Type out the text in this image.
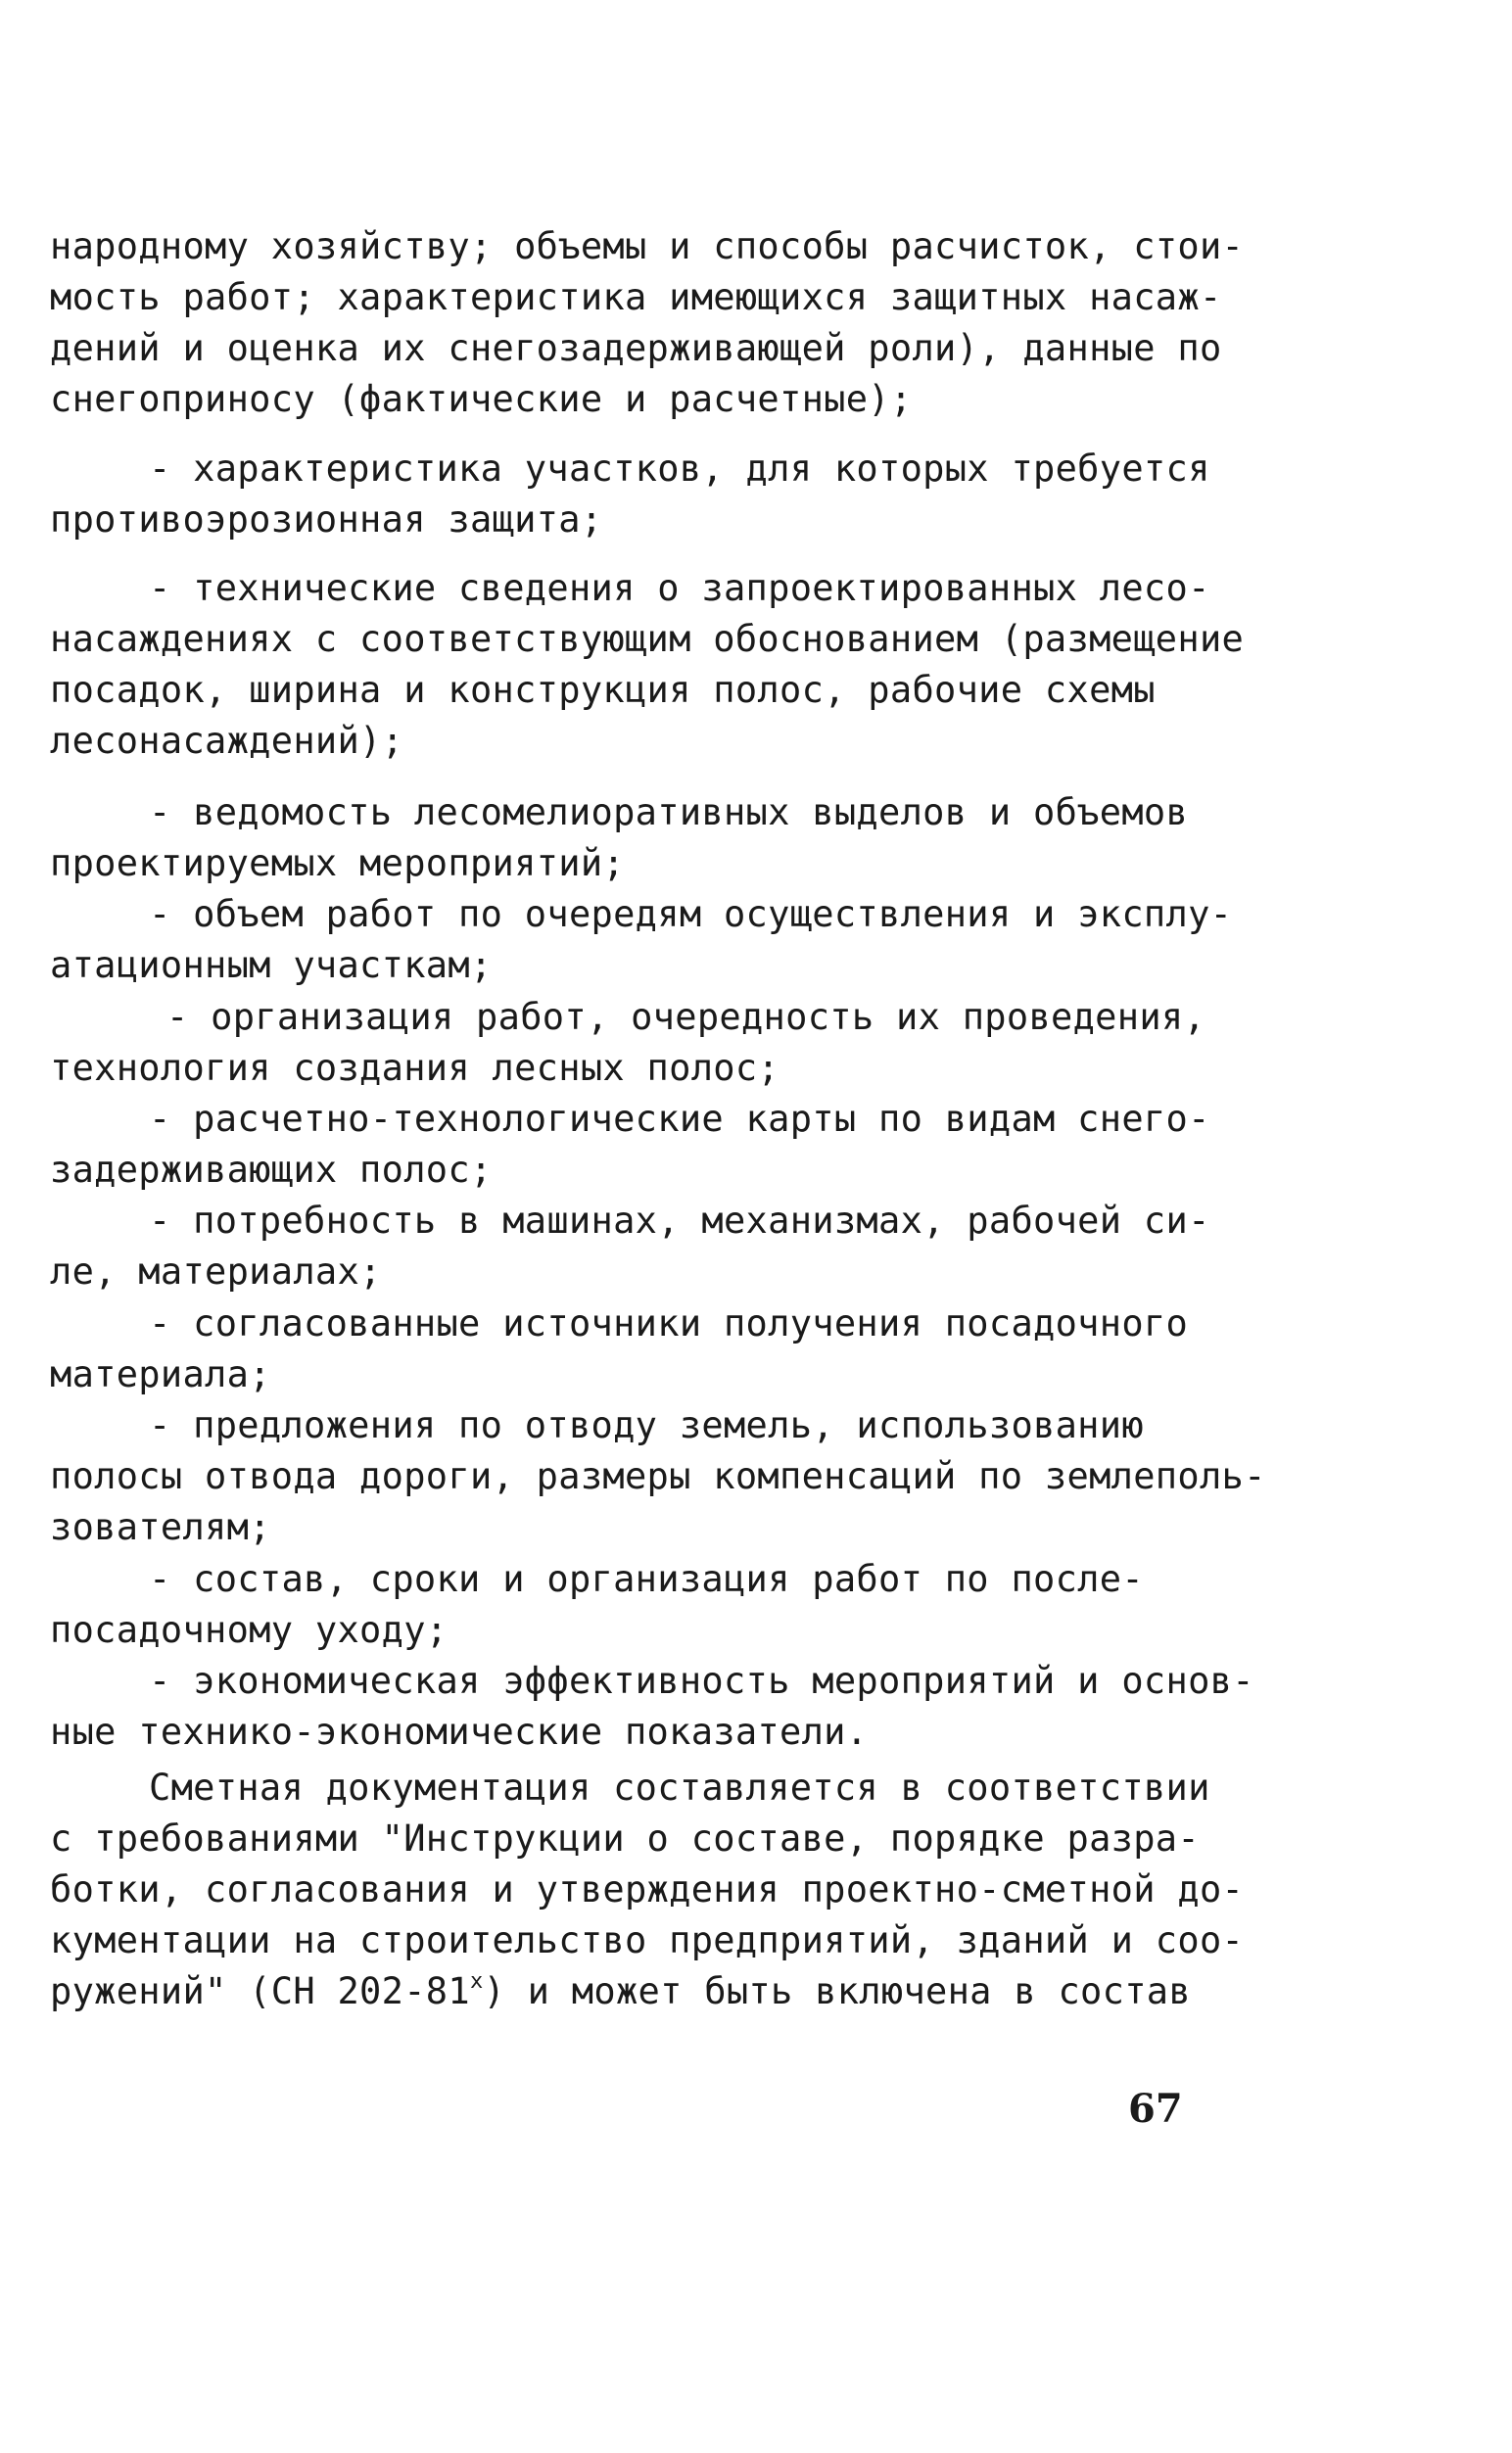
народному хозяйству; объемы и способы расчисток, стои-
мость работ; характеристика имеющихся защитных насаж-
дений и оценка их снегозадерживающей роли), данные по
снегоприносу (фактические и расчетные);
- характеристика участков, для которых требуется
противоэрозионная защита;
- технические сведения о запроектированных лесо-
насаждениях с соответствующим обоснованием (размещение
посадок, ширина и конструкция полос, рабочие схемы
лесонасаждений);
- ведомость лесомелиоративных выделов и объемов
проектируемых мероприятий;
- объем работ по очередям осуществления и эксплу-
атационным участкам;
- организация работ, очередность их проведения,
технология создания лесных полос;
- расчетно-технологические карты по видам снего-
задерживающих полос;
- потребность в машинах, механизмах, рабочей си-
ле, материалах;
- согласованные источники получения посадочного
материала;
- предложения по отводу земель, использованию
полосы отвода дороги, размеры компенсаций по землеполь-
зователям;
- состав, сроки и организация работ по после-
посадочному уходу;
- экономическая эффективность мероприятий и основ-
ные технико-экономические показатели.
Сметная документация составляется в соответствии
с требованиями "Инструкции о составе, порядке разра-
ботки, согласования и утверждения проектно-сметной до-
кументации на строительство предприятий, зданий и соо-
ружений" (СН $202-81^х$) и может быть включена в состав
67
